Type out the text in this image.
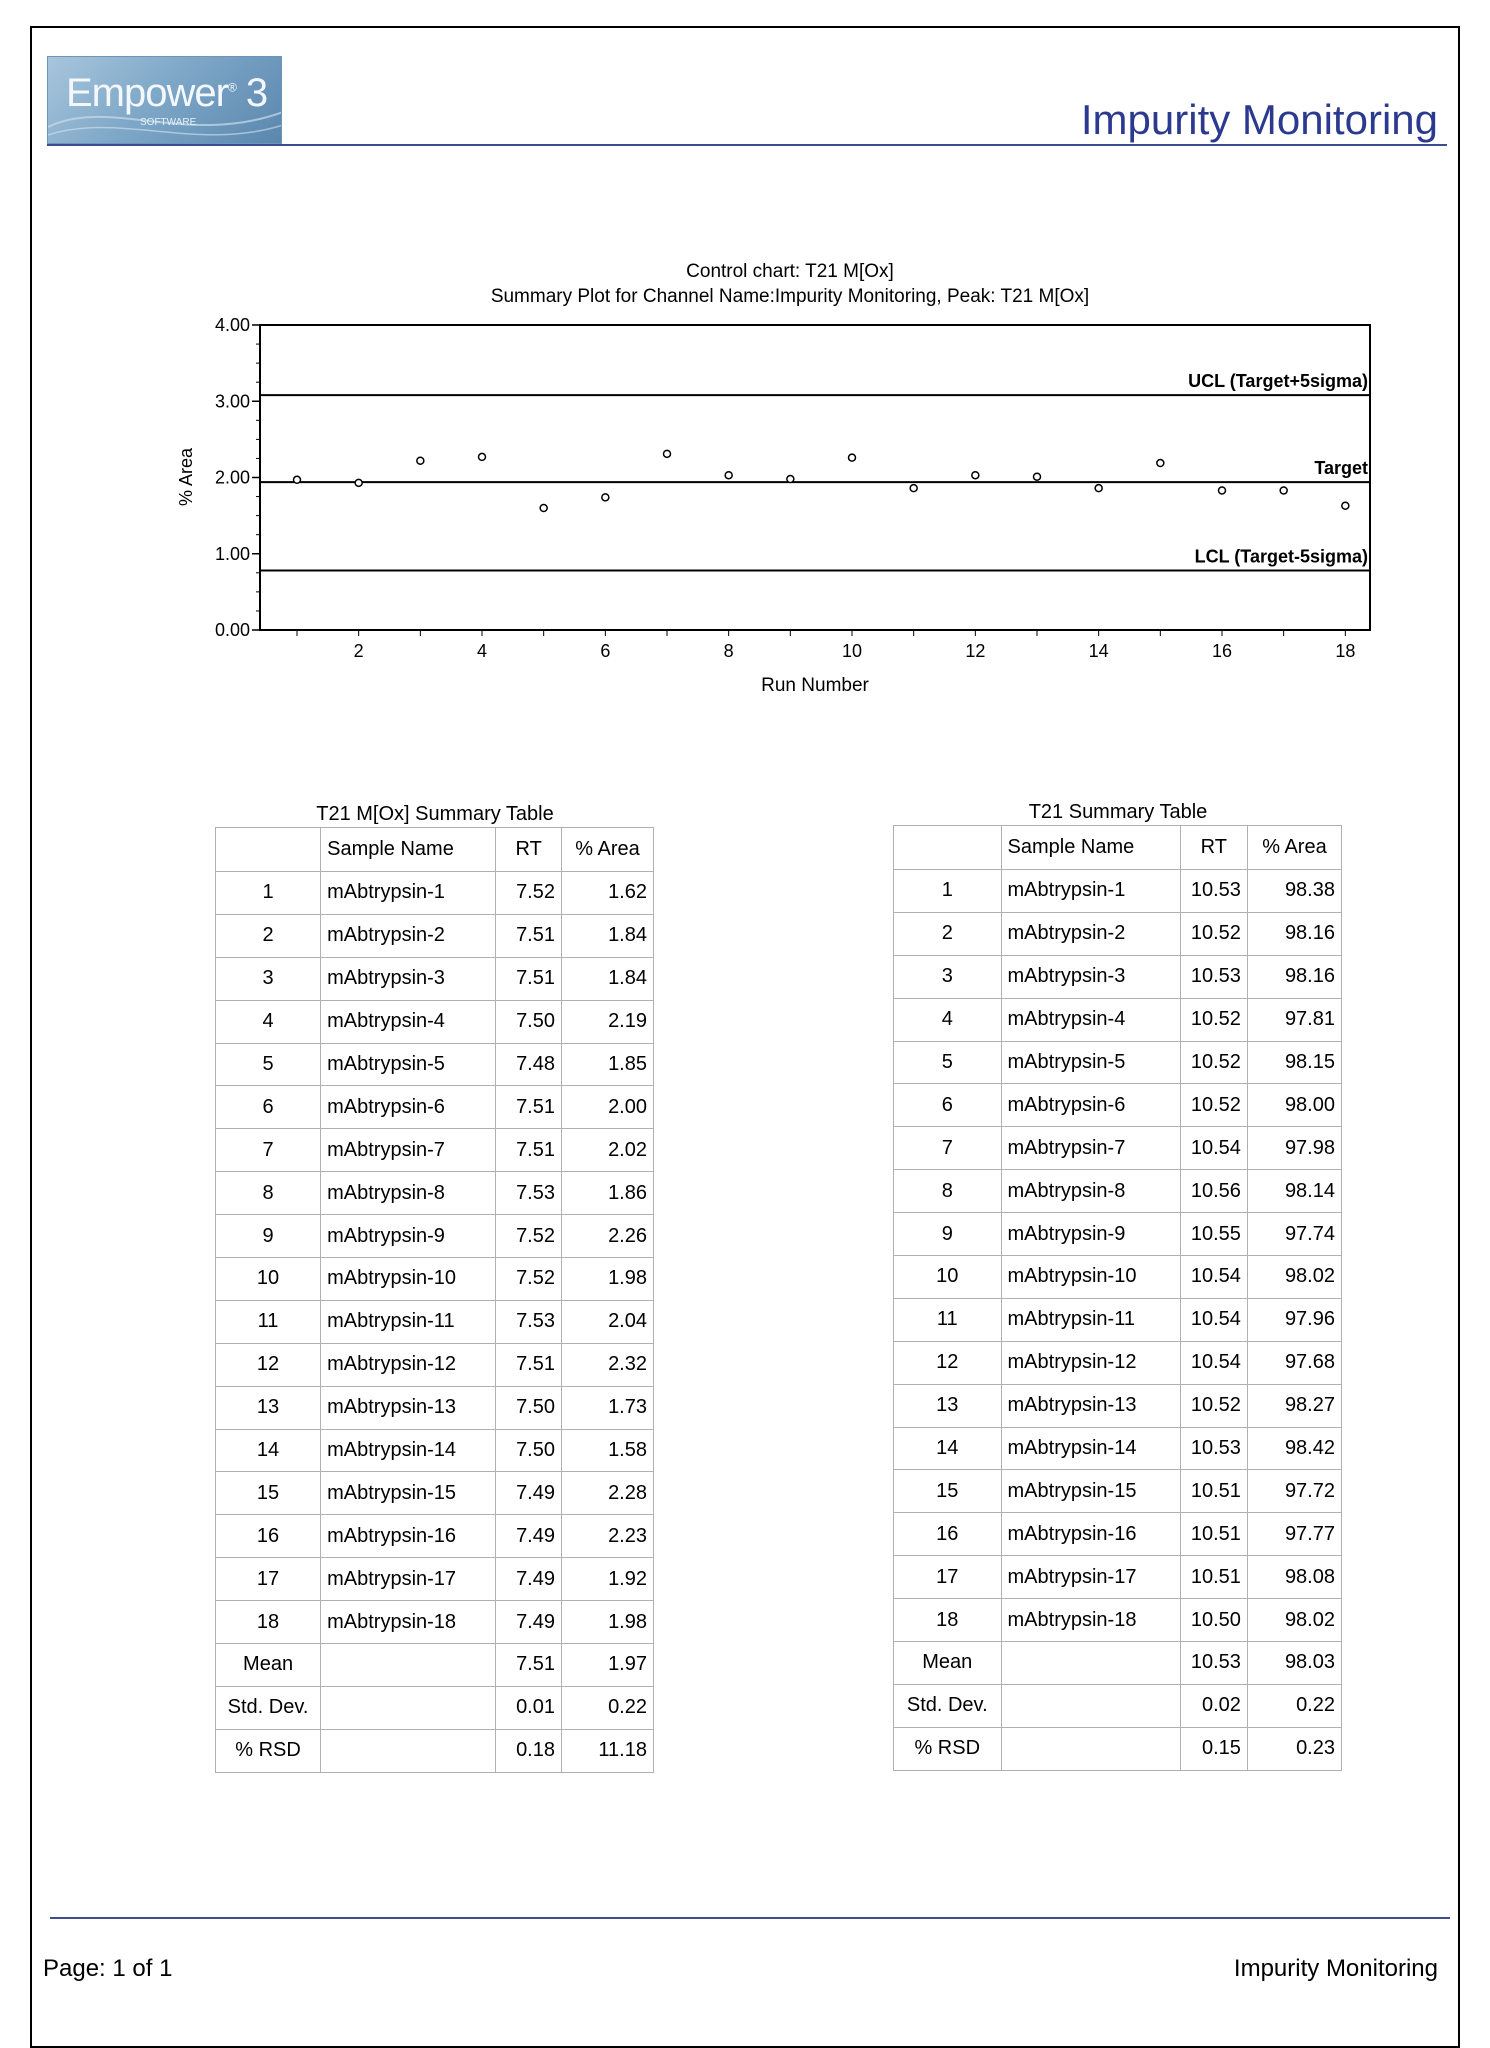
Empower® 3
SOFTWARE	Impurity Monitoring
Control chart: T21 M[Ox]
Summary Plot for Channel Name:Impurity Monitoring, Peak: T21 M[Ox]
% Area
Run Number
0.00
1.00
2.00
3.00
4.00
2	4	6	8	10	12	14	16	18
UCL (Target+5sigma)
Target
LCL (Target-5sigma)
T21 M[Ox] Summary Table
	Sample Name	RT	% Area
1	mAbtrypsin-1	7.52	1.62
2	mAbtrypsin-2	7.51	1.84
3	mAbtrypsin-3	7.51	1.84
4	mAbtrypsin-4	7.50	2.19
5	mAbtrypsin-5	7.48	1.85
6	mAbtrypsin-6	7.51	2.00
7	mAbtrypsin-7	7.51	2.02
8	mAbtrypsin-8	7.53	1.86
9	mAbtrypsin-9	7.52	2.26
10	mAbtrypsin-10	7.52	1.98
11	mAbtrypsin-11	7.53	2.04
12	mAbtrypsin-12	7.51	2.32
13	mAbtrypsin-13	7.50	1.73
14	mAbtrypsin-14	7.50	1.58
15	mAbtrypsin-15	7.49	2.28
16	mAbtrypsin-16	7.49	2.23
17	mAbtrypsin-17	7.49	1.92
18	mAbtrypsin-18	7.49	1.98
Mean		7.51	1.97
Std. Dev.		0.01	0.22
% RSD		0.18	11.18
T21 Summary Table
	Sample Name	RT	% Area
1	mAbtrypsin-1	10.53	98.38
2	mAbtrypsin-2	10.52	98.16
3	mAbtrypsin-3	10.53	98.16
4	mAbtrypsin-4	10.52	97.81
5	mAbtrypsin-5	10.52	98.15
6	mAbtrypsin-6	10.52	98.00
7	mAbtrypsin-7	10.54	97.98
8	mAbtrypsin-8	10.56	98.14
9	mAbtrypsin-9	10.55	97.74
10	mAbtrypsin-10	10.54	98.02
11	mAbtrypsin-11	10.54	97.96
12	mAbtrypsin-12	10.54	97.68
13	mAbtrypsin-13	10.52	98.27
14	mAbtrypsin-14	10.53	98.42
15	mAbtrypsin-15	10.51	97.72
16	mAbtrypsin-16	10.51	97.77
17	mAbtrypsin-17	10.51	98.08
18	mAbtrypsin-18	10.50	98.02
Mean		10.53	98.03
Std. Dev.		0.02	0.22
% RSD		0.15	0.23
Page: 1 of 1	Impurity Monitoring
